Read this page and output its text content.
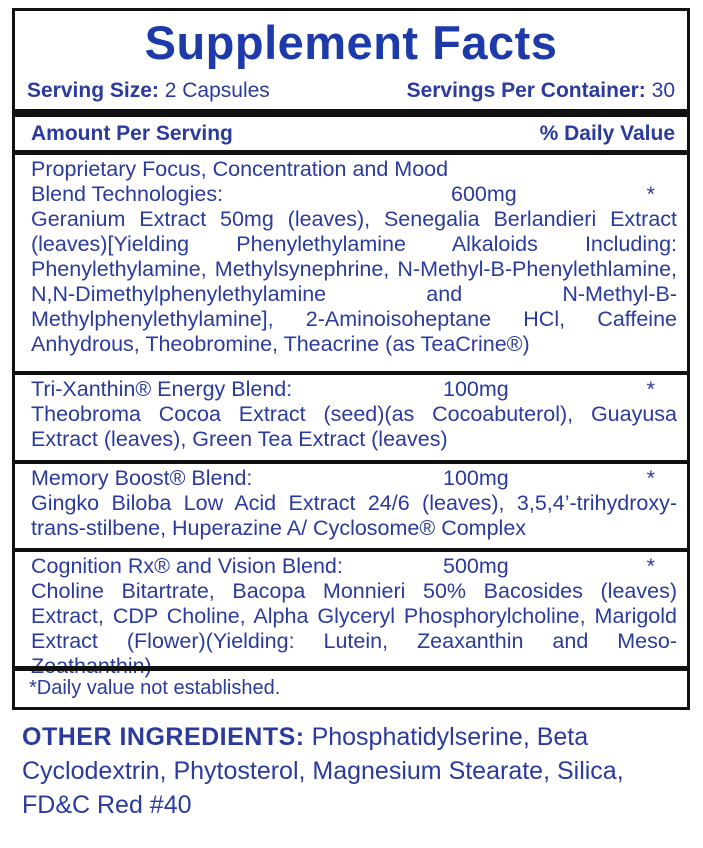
Supplement Facts
Serving Size: 2 Capsules	Servings Per Container: 30
Amount Per Serving	% Daily Value
Proprietary Focus, Concentration and Mood
Blend Technologies:	600mg	*
Geranium Extract 50mg (leaves), Senegalia Berlandieri Extract (leaves)[Yielding Phenylethylamine Alkaloids Including: Phenylethylamine, Methylsynephrine, N-Methyl-B-Phenylethlamine, N,N-Dimethylphenylethylamine and N-Methyl-B-Methylphenylethylamine], 2-Aminoisoheptane HCl, Caffeine Anhydrous, Theobromine, Theacrine (as TeaCrine®)
Tri-Xanthin® Energy Blend:	100mg	*
Theobroma Cocoa Extract (seed)(as Cocoabuterol), Guayusa Extract (leaves), Green Tea Extract (leaves)
Memory Boost® Blend:	100mg	*
Gingko Biloba Low Acid Extract 24/6 (leaves), 3,5,4’-trihydroxy-trans-stilbene, Huperazine A/ Cyclosome® Complex
Cognition Rx® and Vision Blend:	500mg	*
Choline Bitartrate, Bacopa Monnieri 50% Bacosides (leaves) Extract, CDP Choline, Alpha Glyceryl Phosphorylcholine, Marigold Extract (Flower)(Yielding: Lutein, Zeaxanthin and Meso-
*Daily value not established.
OTHER INGREDIENTS: Phosphatidylserine, Beta Cyclodextrin, Phytosterol, Magnesium Stearate, Silica, FD&C Red #40
